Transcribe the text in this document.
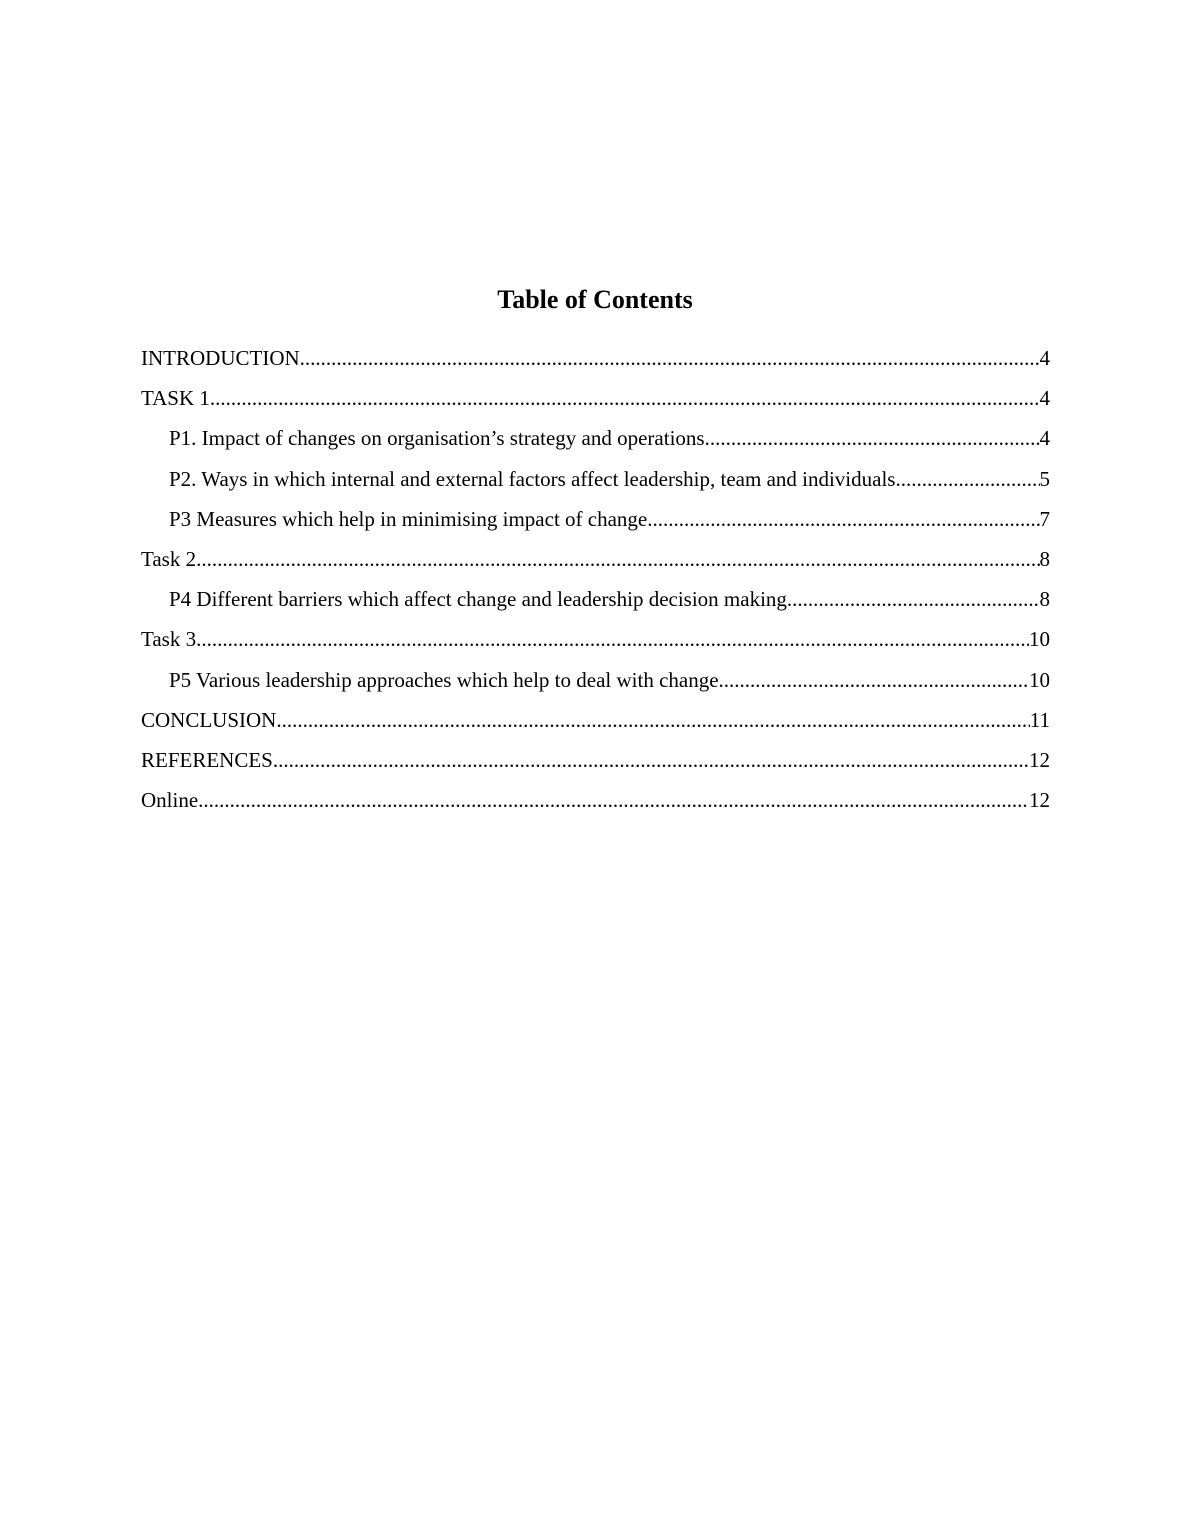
Table of Contents
INTRODUCTION .....	4
TASK 1 .....	4
P1. Impact of changes on organisation’s strategy and operations .....	4
P2. Ways in which internal and external factors affect leadership, team and individuals .....	5
P3 Measures which help in minimising impact of change .....	7
Task 2 .....	8
P4 Different barriers which affect change and leadership decision making .....	8
Task 3 .....	10
P5 Various leadership approaches which help to deal with change .....	10
CONCLUSION .....	11
REFERENCES .....	12
Online .....	12
